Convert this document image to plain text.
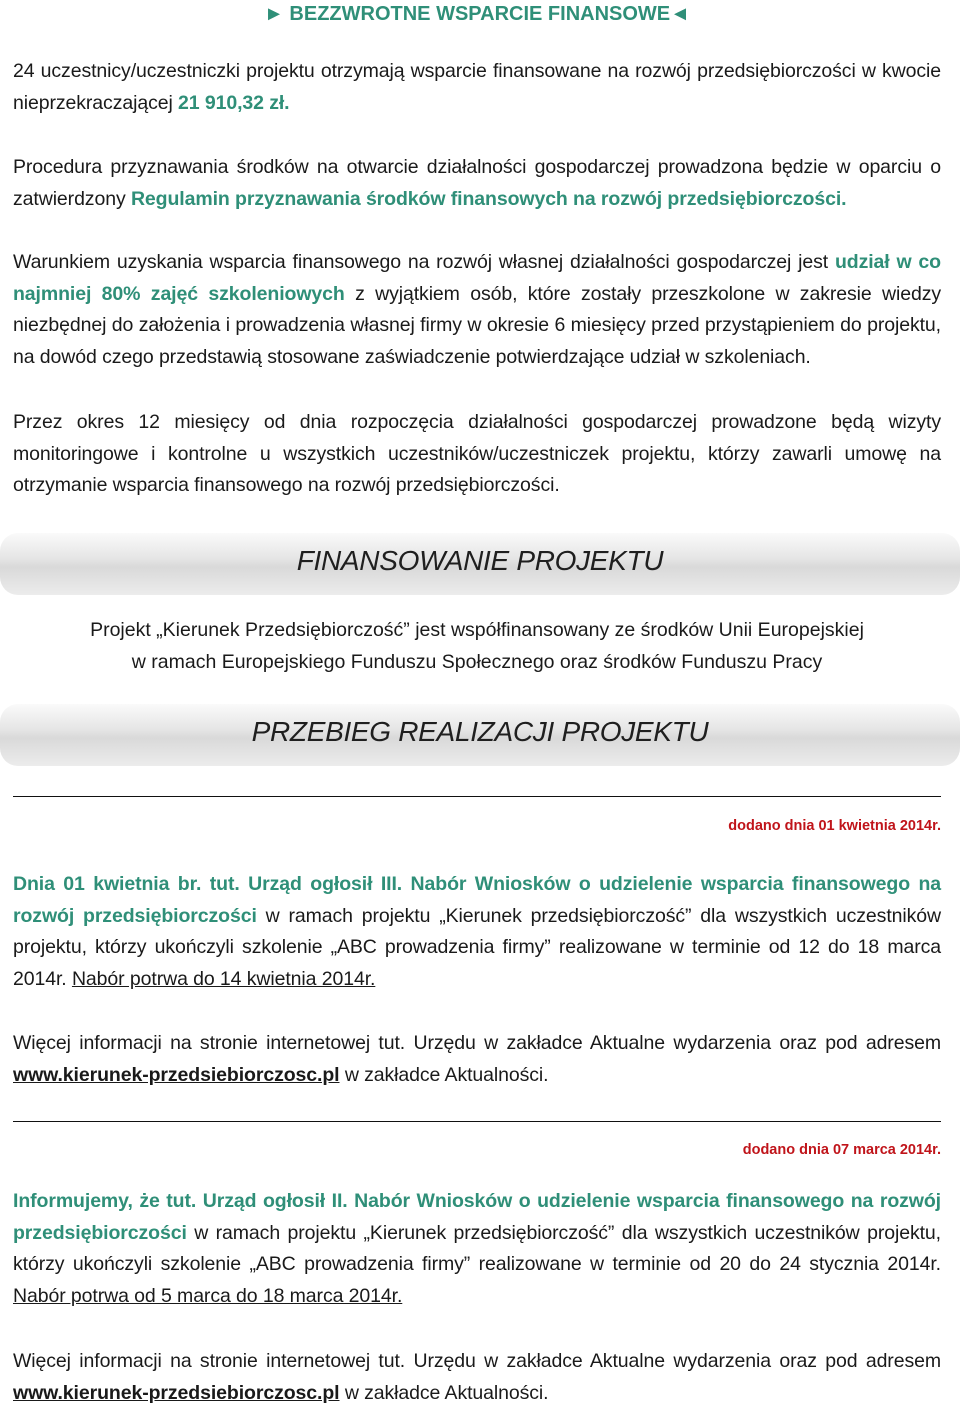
► BEZZWROTNE WSPARCIE FINANSOWE◄

24 uczestnicy/uczestniczki projektu otrzymają wsparcie finansowane na rozwój przedsiębiorczości w kwocie nieprzekraczającej 21 910,32 zł.

Procedura przyznawania środków na otwarcie działalności gospodarczej prowadzona będzie w oparciu o zatwierdzony Regulamin przyznawania środków finansowych na rozwój przedsiębiorczości.

Warunkiem uzyskania wsparcia finansowego na rozwój własnej działalności gospodarczej jest udział w co najmniej 80% zajęć szkoleniowych z wyjątkiem osób, które zostały przeszkolone w zakresie wiedzy niezbędnej do założenia i prowadzenia własnej firmy w okresie 6 miesięcy przed przystąpieniem do projektu, na dowód czego przedstawią stosowane zaświadczenie potwierdzające udział w szkoleniach.

Przez okres 12 miesięcy od dnia rozpoczęcia działalności gospodarczej prowadzone będą wizyty monitoringowe i kontrolne u wszystkich uczestników/uczestniczek projektu, którzy zawarli umowę na otrzymanie wsparcia finansowego na rozwój przedsiębiorczości.

FINANSOWANIE PROJEKTU

Projekt „Kierunek Przedsiębiorczość” jest współfinansowany ze środków Unii Europejskiej

w ramach Europejskiego Funduszu Społecznego oraz środków Funduszu Pracy

PRZEBIEG REALIZACJI PROJEKTU
dodano dnia 01 kwietnia 2014r.

Dnia 01 kwietnia br. tut. Urząd ogłosił III. Nabór Wniosków o udzielenie wsparcia finansowego na rozwój przedsiębiorczości w ramach projektu „Kierunek przedsiębiorczość” dla wszystkich uczestników projektu, którzy ukończyli szkolenie „ABC prowadzenia firmy” realizowane w terminie od 12 do 18 marca 2014r. Nabór potrwa do 14 kwietnia 2014r.

Więcej informacji na stronie internetowej tut. Urzędu w zakładce Aktualne wydarzenia oraz pod adresem www.kierunek-przedsiebiorczosc.pl w zakładce Aktualności.

dodano dnia 07 marca 2014r.

Informujemy, że tut. Urząd ogłosił II. Nabór Wniosków o udzielenie wsparcia finansowego na rozwój przedsiębiorczości w ramach projektu „Kierunek przedsiębiorczość” dla wszystkich uczestników projektu, którzy ukończyli szkolenie „ABC prowadzenia firmy” realizowane w terminie od 20 do 24 stycznia 2014r. Nabór potrwa od 5 marca do 18 marca 2014r.

Więcej informacji na stronie internetowej tut. Urzędu w zakładce Aktualne wydarzenia oraz pod adresem www.kierunek-przedsiebiorczosc.pl w zakładce Aktualności.
